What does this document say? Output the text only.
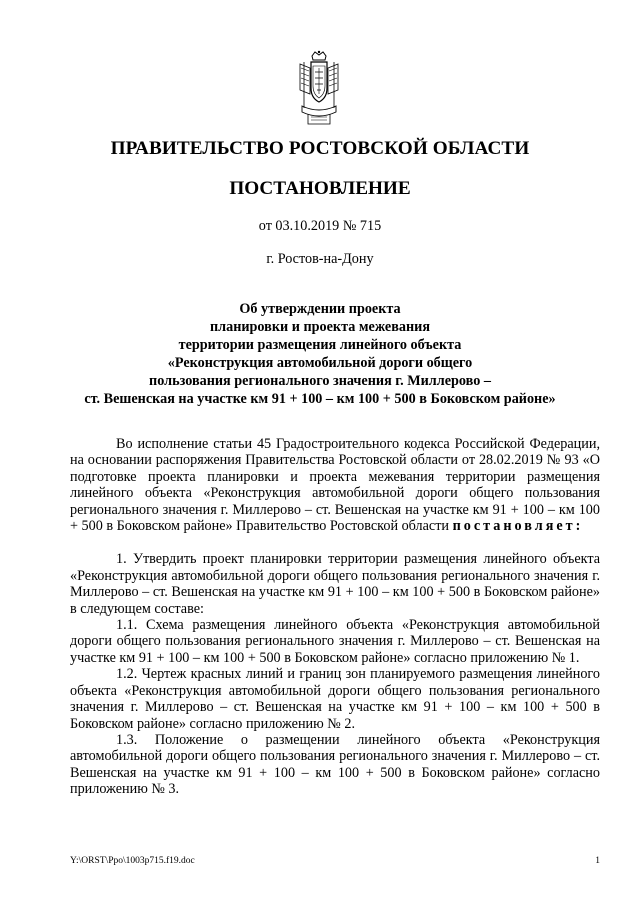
ПРАВИТЕЛЬСТВО РОСТОВСКОЙ ОБЛАСТИ
ПОСТАНОВЛЕНИЕ
от 03.10.2019 № 715
г. Ростов-на-Дону
Об утверждении проекта
планировки и проекта межевания
территории размещения линейного объекта
«Реконструкция автомобильной дороги общего
пользования регионального значения г. Миллерово –
ст. Вешенская на участке км 91 + 100 – км 100 + 500 в Боковском районе»

Во исполнение статьи 45 Градостроительного кодекса Российской Федерации, на основании распоряжения Правительства Ростовской области от 28.02.2019 № 93 «О подготовке проекта планировки и проекта межевания территории размещения линейного объекта «Реконструкция автомобильной дороги общего пользования регионального значения г. Миллерово – ст. Вешенская на участке км 91 + 100 – км 100 + 500 в Боковском районе» Правительство Ростовской области постановляет:

1. Утвердить проект планировки территории размещения линейного объекта «Реконструкция автомобильной дороги общего пользования регионального значения г. Миллерово – ст. Вешенская на участке км 91 + 100 – км 100 + 500 в Боковском районе» в следующем составе:

1.1. Схема размещения линейного объекта «Реконструкция автомобильной дороги общего пользования регионального значения г. Миллерово – ст. Вешенская на участке км 91 + 100 – км 100 + 500 в Боковском районе» согласно приложению № 1.

1.2. Чертеж красных линий и границ зон планируемого размещения линейного объекта «Реконструкция автомобильной дороги общего пользования регионального значения г. Миллерово – ст. Вешенская на участке км 91 + 100 – км 100 + 500 в Боковском районе» согласно приложению № 2.

1.3. Положение о размещении линейного объекта «Реконструкция автомобильной дороги общего пользования регионального значения г. Миллерово – ст. Вешенская на участке км 91 + 100 – км 100 + 500 в Боковском районе» согласно приложению № 3.

Y:\ORST\Ppo\1003p715.f19.doc	1
